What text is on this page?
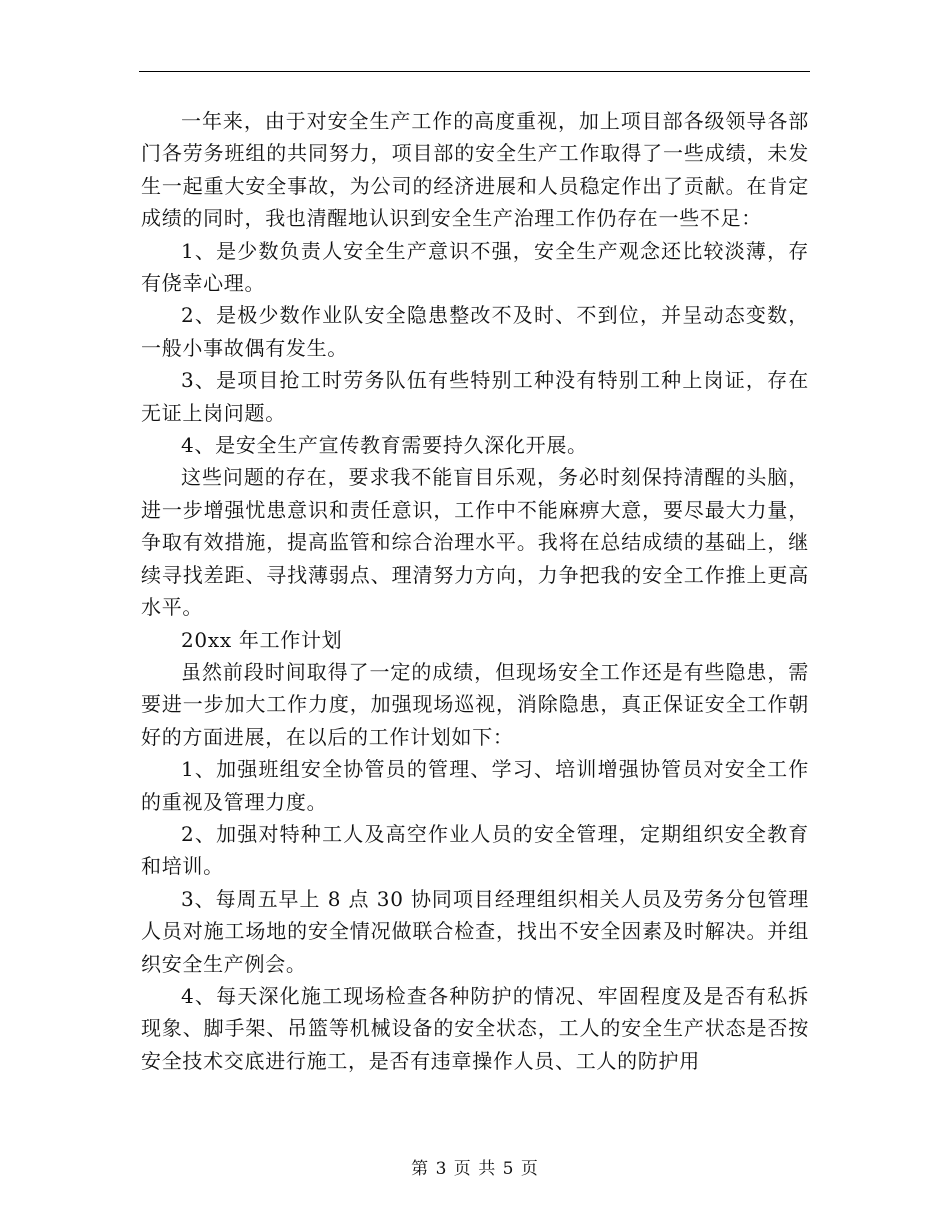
一年来，由于对安全生产工作的高度重视，加上项目部各级领导各部门各劳务班组的共同努力，项目部的安全生产工作取得了一些成绩，未发生一起重大安全事故，为公司的经济进展和人员稳定作出了贡献。在肯定成绩的同时，我也清醒地认识到安全生产治理工作仍存在一些不足：

1、是少数负责人安全生产意识不强，安全生产观念还比较淡薄，存有侥幸心理。

2、是极少数作业队安全隐患整改不及时、不到位，并呈动态变数，一般小事故偶有发生。

3、是项目抢工时劳务队伍有些特别工种没有特别工种上岗证，存在无证上岗问题。

4、是安全生产宣传教育需要持久深化开展。

这些问题的存在，要求我不能盲目乐观，务必时刻保持清醒的头脑，进一步增强忧患意识和责任意识，工作中不能麻痹大意，要尽最大力量，争取有效措施，提高监管和综合治理水平。我将在总结成绩的基础上，继续寻找差距、寻找薄弱点、理清努力方向，力争把我的安全工作推上更高水平。

20xx 年工作计划

虽然前段时间取得了一定的成绩，但现场安全工作还是有些隐患，需要进一步加大工作力度，加强现场巡视，消除隐患，真正保证安全工作朝好的方面进展，在以后的工作计划如下：

1、加强班组安全协管员的管理、学习、培训增强协管员对安全工作的重视及管理力度。

2、加强对特种工人及高空作业人员的安全管理，定期组织安全教育和培训。

3、每周五早上 8 点 30 协同项目经理组织相关人员及劳务分包管理人员对施工场地的安全情况做联合检查，找出不安全因素及时解决。并组织安全生产例会。

4、每天深化施工现场检查各种防护的情况、牢固程度及是否有私拆现象、脚手架、吊篮等机械设备的安全状态，工人的安全生产状态是否按安全技术交底进行施工，是否有违章操作人员、工人的防护用

第 3 页 共 5 页
